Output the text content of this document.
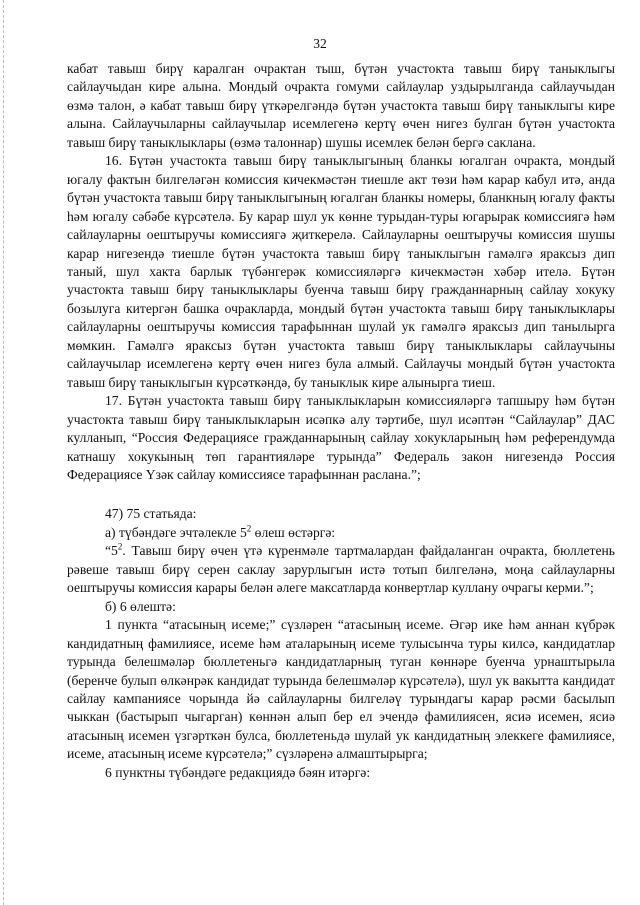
32

кабат тавыш бирү каралган очрактан тыш, бүтән участокта тавыш бирү таныклыгы сайлаучыдан кире алына. Мондый очракта гомуми сайлаулар уздырылганда сайлаучыдан өзмә талон, ә кабат тавыш бирү үткәрелгәндә бүтән участокта тавыш бирү таныклыгы кире алына. Сайлаучыларны сайлаучылар исемлегенә кертү өчен нигез булган бүтән участокта тавыш бирү таныклыклары (өзмә талоннар) шушы исемлек белән бергә саклана.

16. Бүтән участокта тавыш бирү таныклыгының бланкы югалган очракта, мондый югалу фактын билгеләгән комиссия кичекмәстән тиешле акт төзи һәм карар кабул итә, анда бүтән участокта тавыш бирү таныклыгының югалган бланкы номеры, бланкның югалу факты һәм югалу сәбәбе күрсәтелә. Бу карар шул ук көнне турыдан-туры югарырак комиссиягә һәм сайлауларны оештыручы комиссиягә җиткерелә. Сайлауларны оештыручы комиссия шушы карар нигезендә тиешле бүтән участокта тавыш бирү таныклыгын гамәлгә яраксыз дип таный, шул хакта барлык түбәнгерәк комиссияләргә кичекмәстән хәбәр ителә. Бүтән участокта тавыш бирү таныклыклары буенча тавыш бирү гражданнарның сайлау хокуку бозылуга китергән башка очракларда, мондый бүтән участокта тавыш бирү таныклыклары сайлауларны оештыручы комиссия тарафыннан шулай ук гамәлгә яраксыз дип танылырга мөмкин. Гамәлгә яраксыз бүтән участокта тавыш бирү таныклыклары сайлаучыны сайлаучылар исемлегенә кертү өчен нигез була алмый. Сайлаучы мондый бүтән участокта тавыш бирү таныклыгын күрсәткәндә, бу таныклык кире алынырга тиеш.

17. Бүтән участокта тавыш бирү таныклыкларын комиссияләргә тапшыру һәм бүтән участокта тавыш бирү таныклыкларын исәпкә алу тәртибе, шул исәптән “Сайлаулар” ДАС кулланып, “Россия Федерациясе гражданнарының сайлау хокукларының һәм референдумда катнашу хокукының төп гарантияләре турында” Федераль закон нигезендә Россия Федерациясе Үзәк сайлау комиссиясе тарафыннан раслана.”;

47) 75 статьяда:

а) түбәндәге эчтәлекле $5^2$ өлеш өстәргә:

“$5^2$. Тавыш бирү өчен үтә күренмәле тартмалардан файдаланган очракта, бюллетень рәвеше тавыш бирү серен саклау зарурлыгын истә тотып билгеләнә, моңа сайлауларны оештыручы комиссия карары белән әлеге максатларда конвертлар куллану очрагы керми.”;

б) 6 өлештә:

1 пункта “атасының исеме;” сүзләрен “атасының исеме. Әгәр ике һәм аннан күбрәк кандидатның фамилиясе, исеме һәм аталарының исеме тулысынча туры килсә, кандидатлар турында белешмәләр бюллетеньгә кандидатларның туган көннәре буенча урнаштырыла (беренче булып өлкәнрәк кандидат турында белешмәләр күрсәтелә), шул ук вакытта кандидат сайлау кампаниясе чорында йә сайлауларны билгеләү турындагы карар рәсми басылып чыккан (бастырып чыгарган) көннән алып бер ел эчендә фамилиясен, ясиә исемен, ясиә атасының исемен үзгәрткән булса, бюллетеньдә шулай ук кандидатның элеккеге фамилиясе, исеме, атасының исеме күрсәтелә;” сүзләренә алмаштырырга;

6 пунктны түбәндәге редакциядә бәян итәргә:
